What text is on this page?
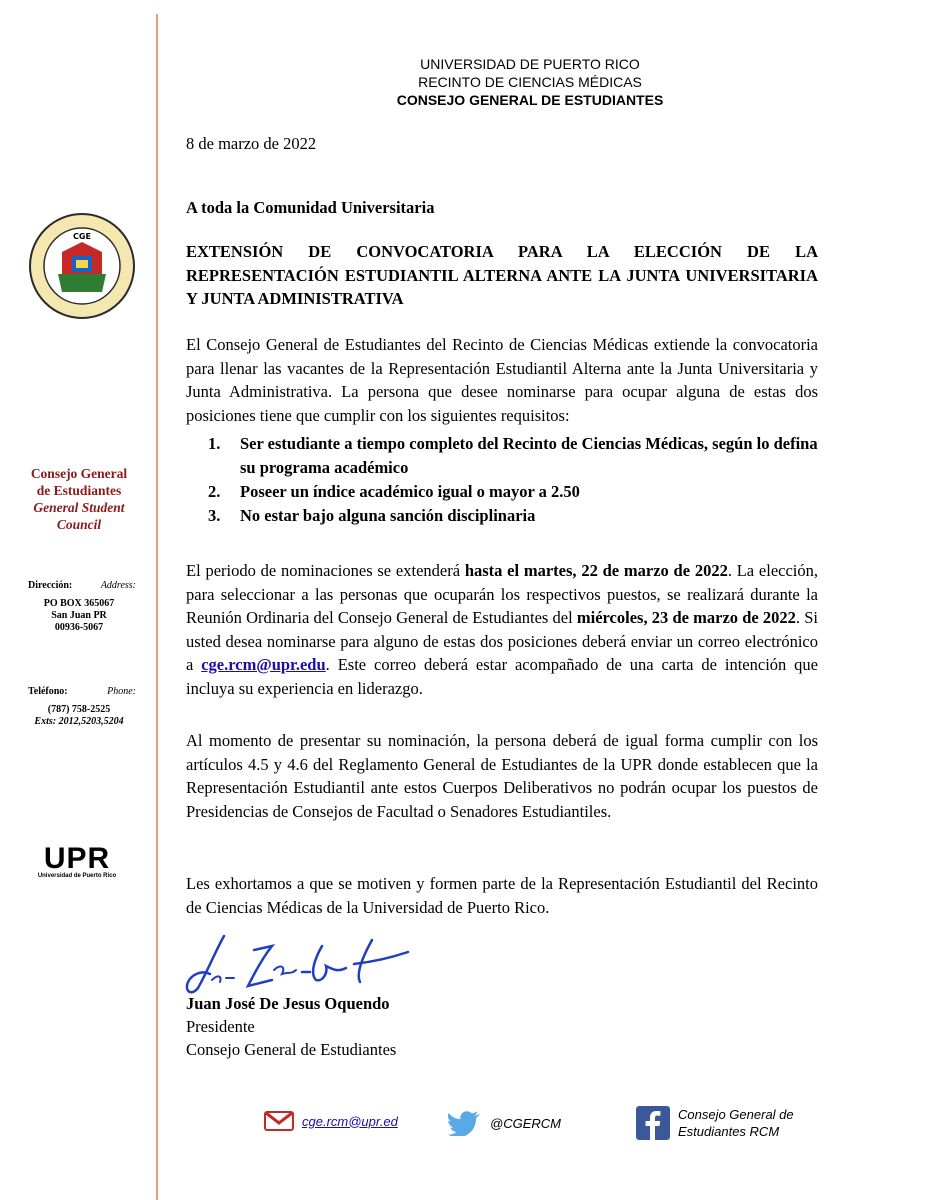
CGE
Consejo General
de Estudiantes
General Student
Council
Dirección:	Address:
PO BOX 365067
San Juan PR
00936-5067
Teléfono:	Phone:
(787) 758-2525
Exts: 2012,5203,5204
UPR
Universidad de Puerto Rico
UNIVERSIDAD DE PUERTO RICO
RECINTO DE CIENCIAS MÉDICAS
CONSEJO GENERAL DE ESTUDIANTES
8 de marzo de 2022
A toda la Comunidad Universitaria
EXTENSIÓN DE CONVOCATORIA PARA LA ELECCIÓN DE LA REPRESENTACIÓN ESTUDIANTIL ALTERNA ANTE LA JUNTA UNIVERSITARIA Y JUNTA ADMINISTRATIVA
El Consejo General de Estudiantes del Recinto de Ciencias Médicas extiende la convocatoria para llenar las vacantes de la Representación Estudiantil Alterna ante la Junta Universitaria y Junta Administrativa. La persona que desee nominarse para ocupar alguna de estas dos posiciones tiene que cumplir con los siguientes requisitos:
1.	Ser estudiante a tiempo completo del Recinto de Ciencias Médicas, según lo defina su programa académico
2.	Poseer un índice académico igual o mayor a 2.50
3.	No estar bajo alguna sanción disciplinaria
El periodo de nominaciones se extenderá hasta el martes, 22 de marzo de 2022. La elección, para seleccionar a las personas que ocuparán los respectivos puestos, se realizará durante la Reunión Ordinaria del Consejo General de Estudiantes del miércoles, 23 de marzo de 2022. Si usted desea nominarse para alguno de estas dos posiciones deberá enviar un correo electrónico a cge.rcm@upr.edu. Este correo deberá estar acompañado de una carta de intención que incluya su experiencia en liderazgo.
Al momento de presentar su nominación, la persona deberá de igual forma cumplir con los artículos 4.5 y 4.6 del Reglamento General de Estudiantes de la UPR donde establecen que la Representación Estudiantil ante estos Cuerpos Deliberativos no podrán ocupar los puestos de Presidencias de Consejos de Facultad o Senadores Estudiantiles.
Les exhortamos a que se motiven y formen parte de la Representación Estudiantil del Recinto de Ciencias Médicas de la Universidad de Puerto Rico.
Juan José De Jesus Oquendo
Presidente
Consejo General de Estudiantes
cge.rcm@upr.ed	@CGERCM
Consejo General de
Estudiantes RCM
